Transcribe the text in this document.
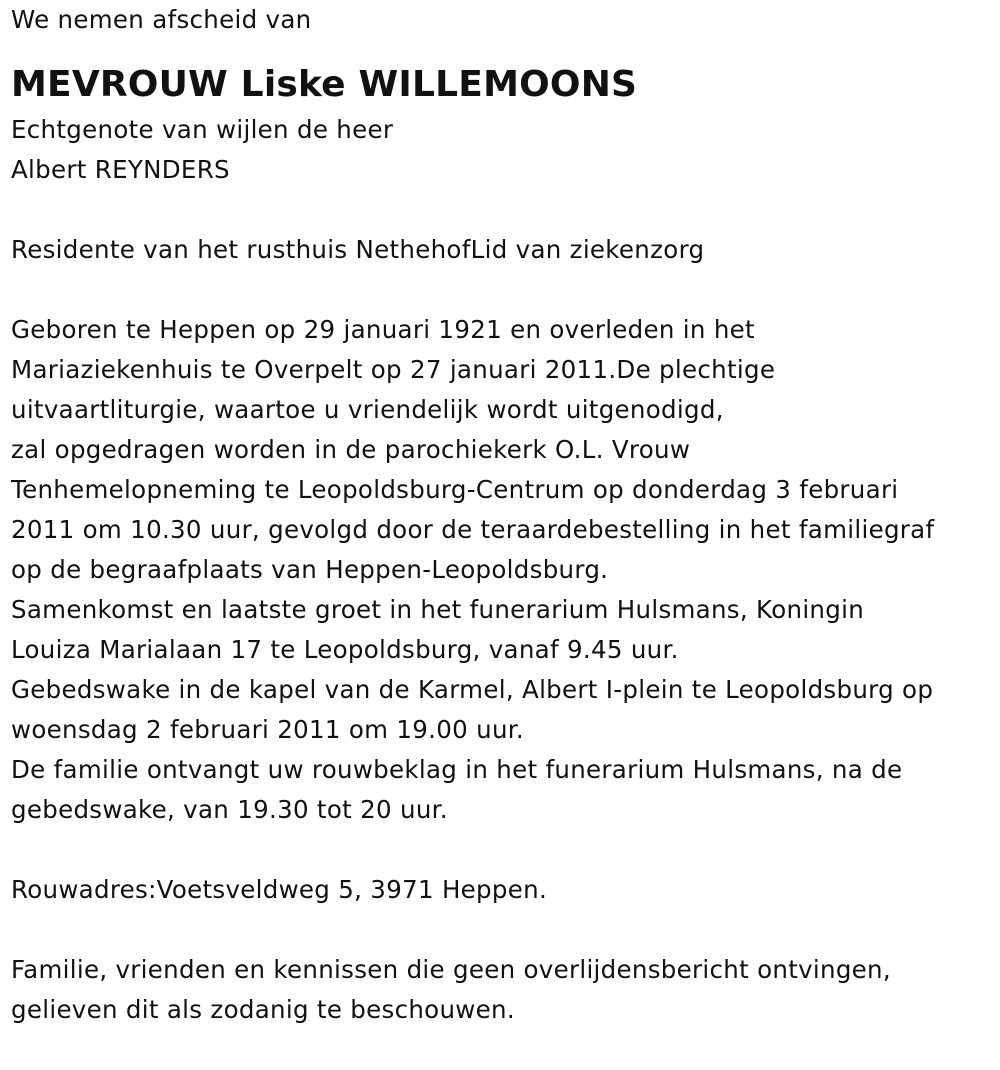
We nemen afscheid van

MEVROUW Liske WILLEMOONS

Echtgenote van wijlen de heer
Albert REYNDERS
Residente van het rusthuis NethehofLid van ziekenzorg
Geboren te Heppen op 29 januari 1921 en overleden in het
Mariaziekenhuis te Overpelt op 27 januari 2011.De plechtige
uitvaartliturgie, waartoe u vriendelijk wordt uitgenodigd,
zal opgedragen worden in de parochiekerk O.L. Vrouw
Tenhemelopneming te Leopoldsburg-Centrum op donderdag 3 februari
2011 om 10.30 uur, gevolgd door de teraardebestelling in het familiegraf
op de begraafplaats van Heppen-Leopoldsburg.
Samenkomst en laatste groet in het funerarium Hulsmans, Koningin
Louiza Marialaan 17 te Leopoldsburg, vanaf 9.45 uur.
Gebedswake in de kapel van de Karmel, Albert I-plein te Leopoldsburg op
woensdag 2 februari 2011 om 19.00 uur.
De familie ontvangt uw rouwbeklag in het funerarium Hulsmans, na de
gebedswake, van 19.30 tot 20 uur.
Rouwadres:Voetsveldweg 5, 3971 Heppen.
Familie, vrienden en kennissen die geen overlijdensbericht ontvingen,
gelieven dit als zodanig te beschouwen.
